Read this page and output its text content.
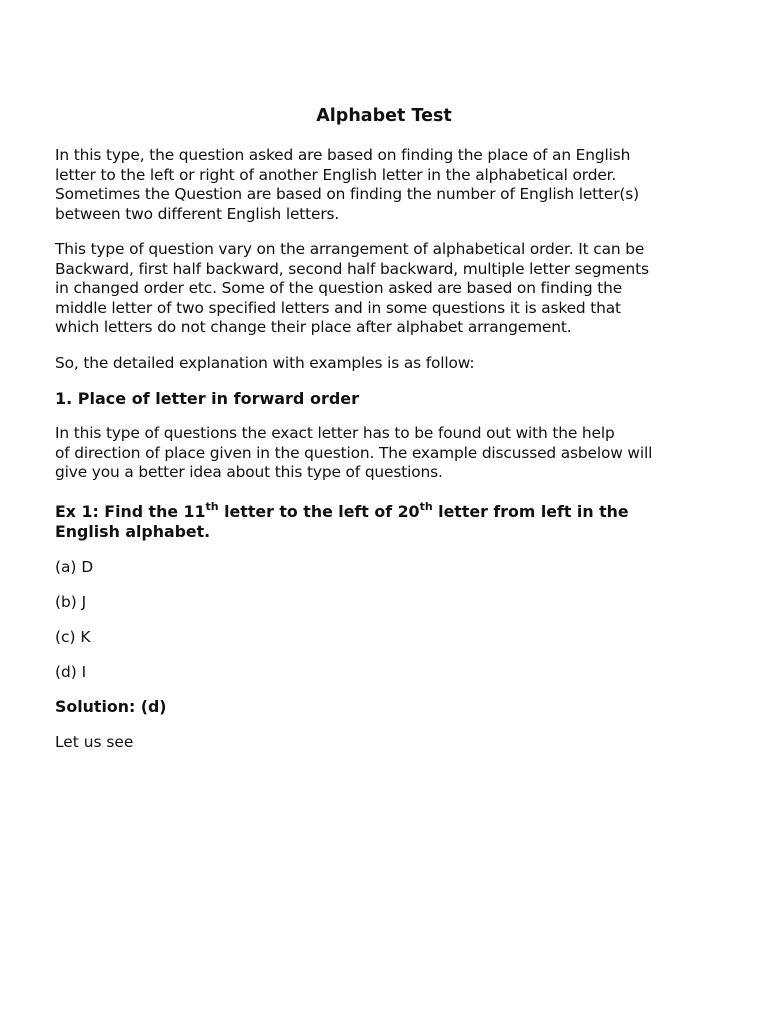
Alphabet Test

In this type, the question asked are based on finding the place of an English
letter to the left or right of another English letter in the alphabetical order.
Sometimes the Question are based on finding the number of English letter(s)
between two different English letters.

This type of question vary on the arrangement of alphabetical order. It can be
Backward, first half backward, second half backward, multiple letter segments
in changed order etc. Some of the question asked are based on finding the
middle letter of two specified letters and in some questions it is asked that
which letters do not change their place after alphabet arrangement.

So, the detailed explanation with examples is as follow:

1. Place of letter in forward order

In this type of questions the exact letter has to be found out with the help
of direction of place given in the question. The example discussed asbelow will
give you a better idea about this type of questions.

Ex 1: Find the 11th letter to the left of 20th letter from left in the
English alphabet.

(a) D

(b) J

(c) K

(d) I

Solution: (d)

Let us see
